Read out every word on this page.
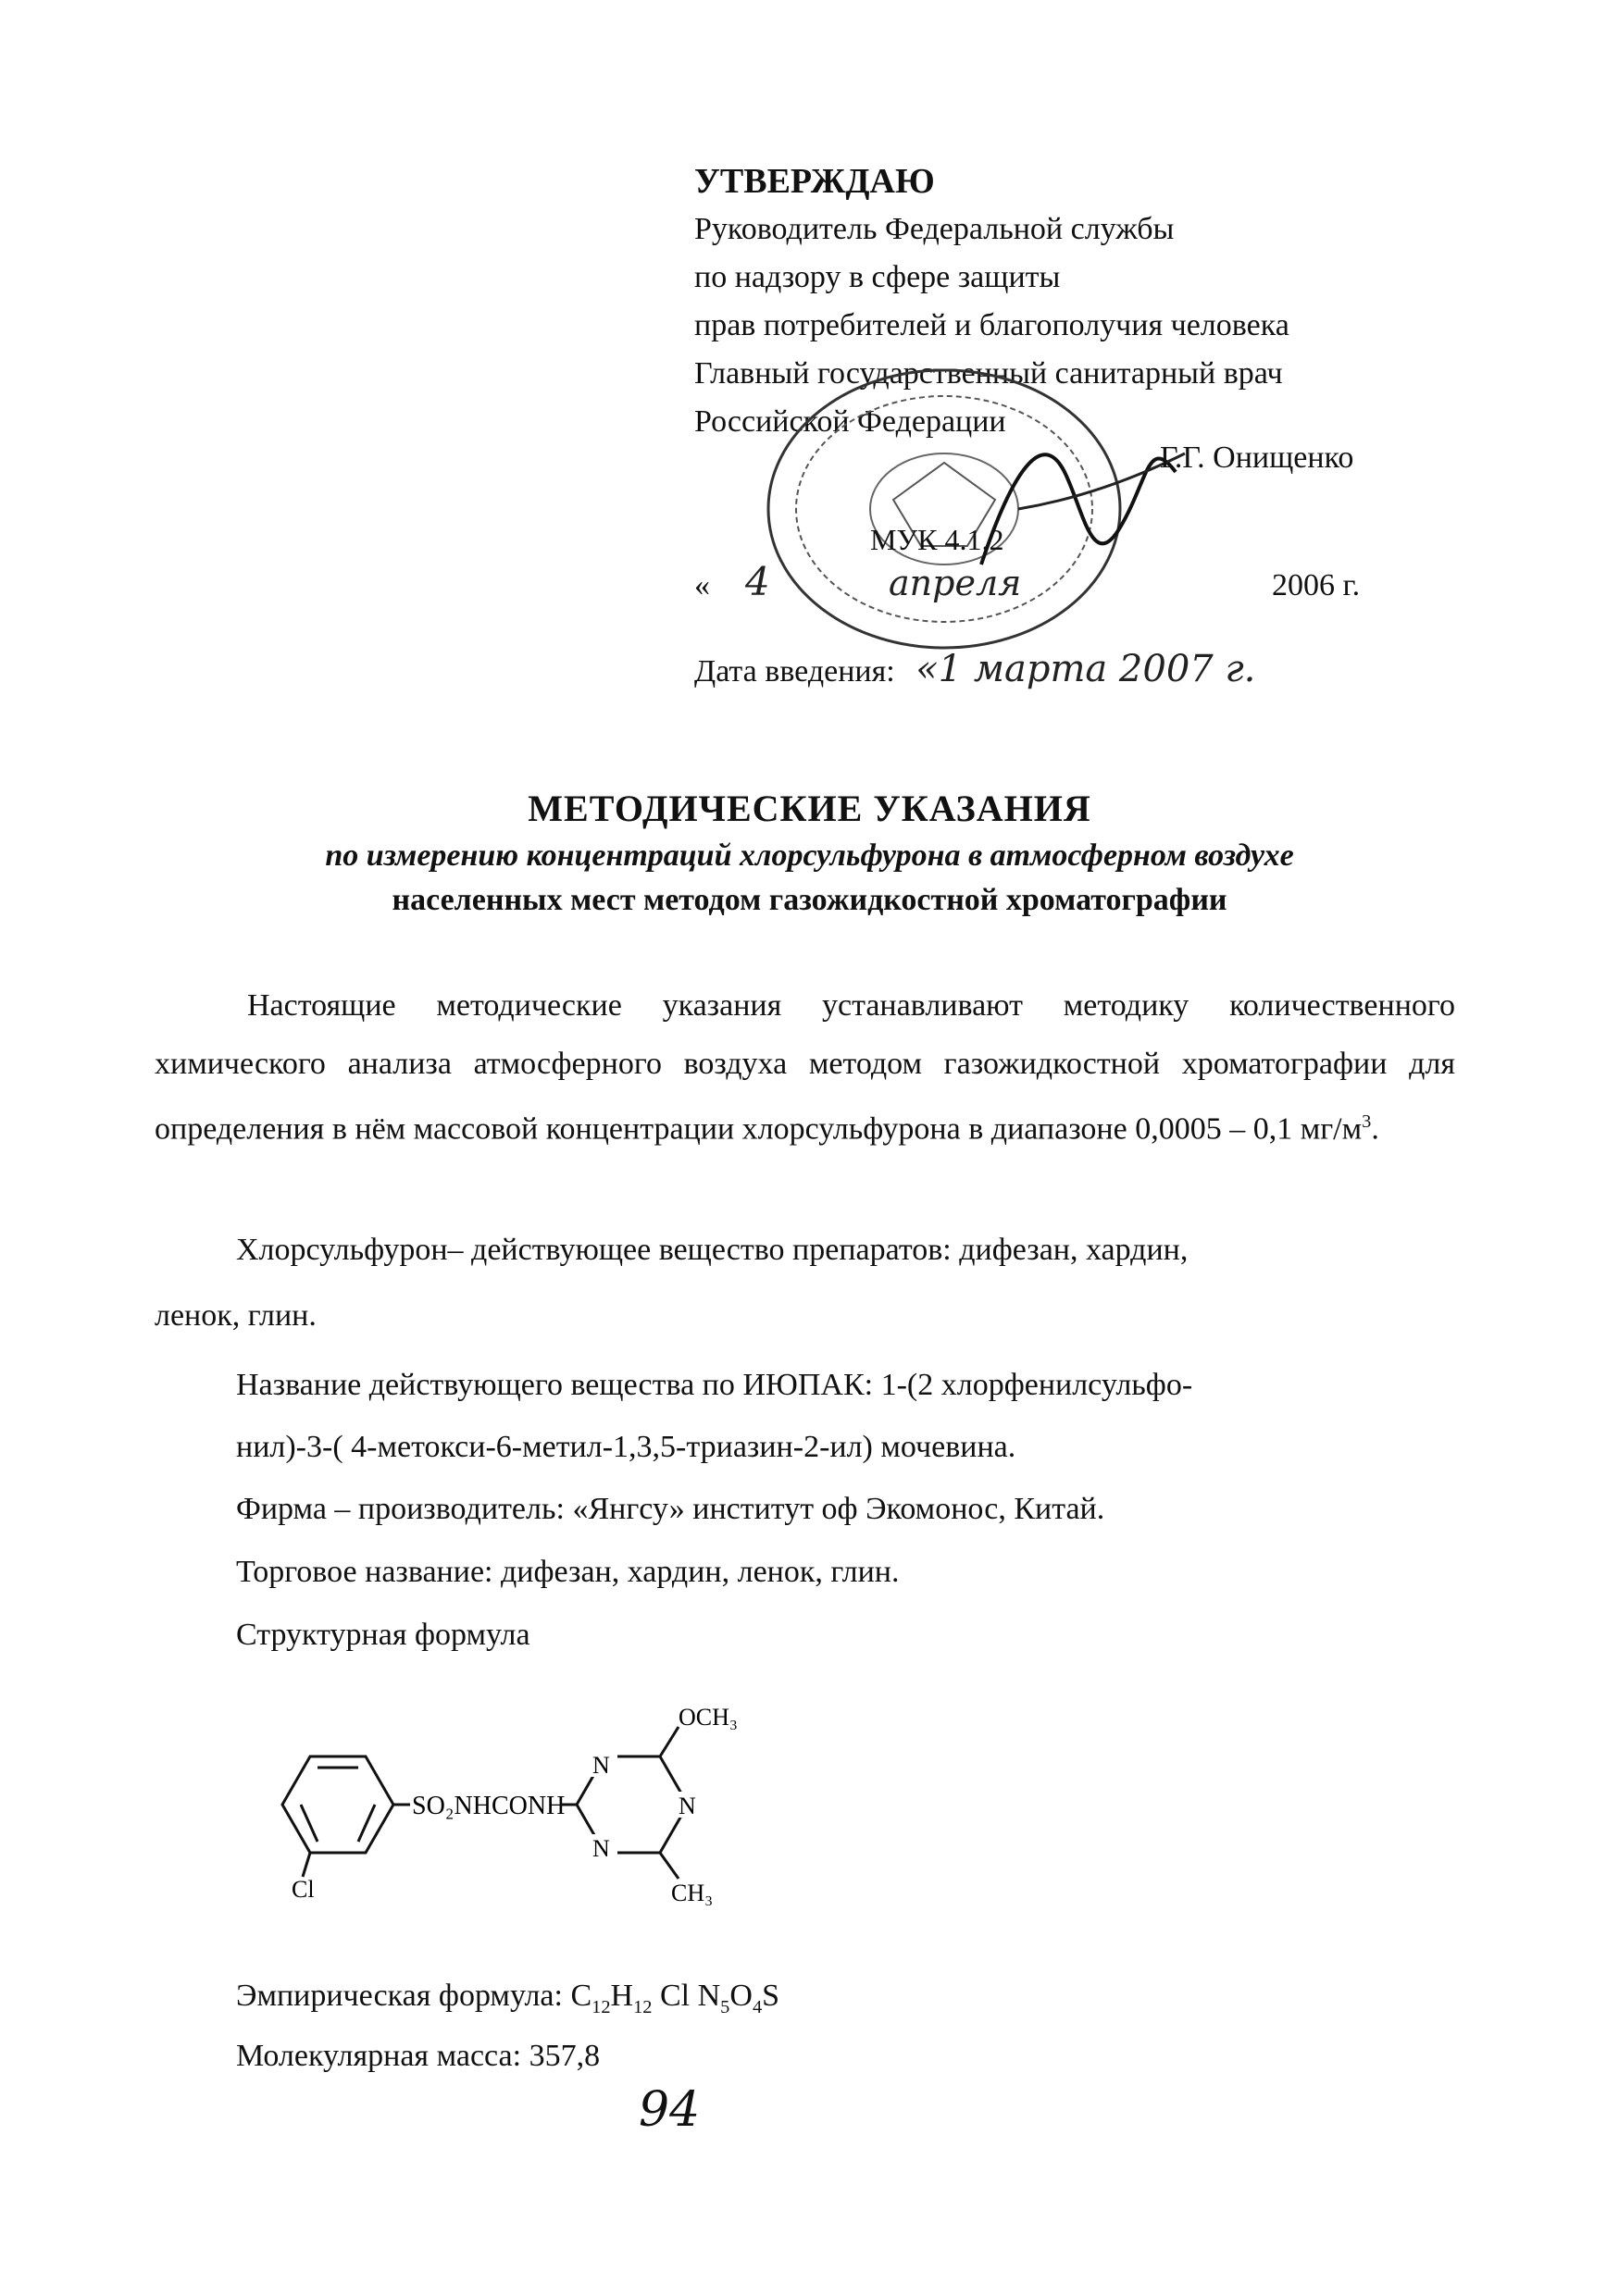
УТВЕРЖДАЮ
Руководитель Федеральной службы
по надзору в сфере защиты
прав потребителей и благополучия человека
Главный государственный санитарный врач
Российской Федерации
Г.Г. Онищенко
МУК 4.1.2
« 4	апреля	2006 г.
Дата введения: «1 марта 2007 г.
МЕТОДИЧЕСКИЕ УКАЗАНИЯ
по измерению концентраций хлорсульфурона в атмосферном воздухе
населенных мест методом газожидкостной хроматографии
Настоящие методические указания устанавливают методику количественного химического анализа атмосферного воздуха методом газожидкостной хроматографии для определения в нём массовой концентрации хлорсульфурона в диапазоне 0,0005 – 0,1 $мг/м^3$.
Хлорсульфурон– действующее вещество препаратов: дифезан, хардин,
ленок, глин.
Название действующего вещества по ИЮПАК: 1-(2 хлорфенилсульфо-
нил)-3-( 4-метокси-6-метил-1,3,5-триазин-2-ил) мочевина.
Фирма – производитель: «Янгсу» институт оф Экомонос, Китай.
Торговое название: дифезан, хардин, ленок, глин.
Структурная формула
SO₂NHCONH
Cl
N
N
N
OCH₃
CH₃
Эмпирическая формула: $C_{12}H_{12}$ Cl $N_5O_4S$
Молекулярная масса: 357,8
94
